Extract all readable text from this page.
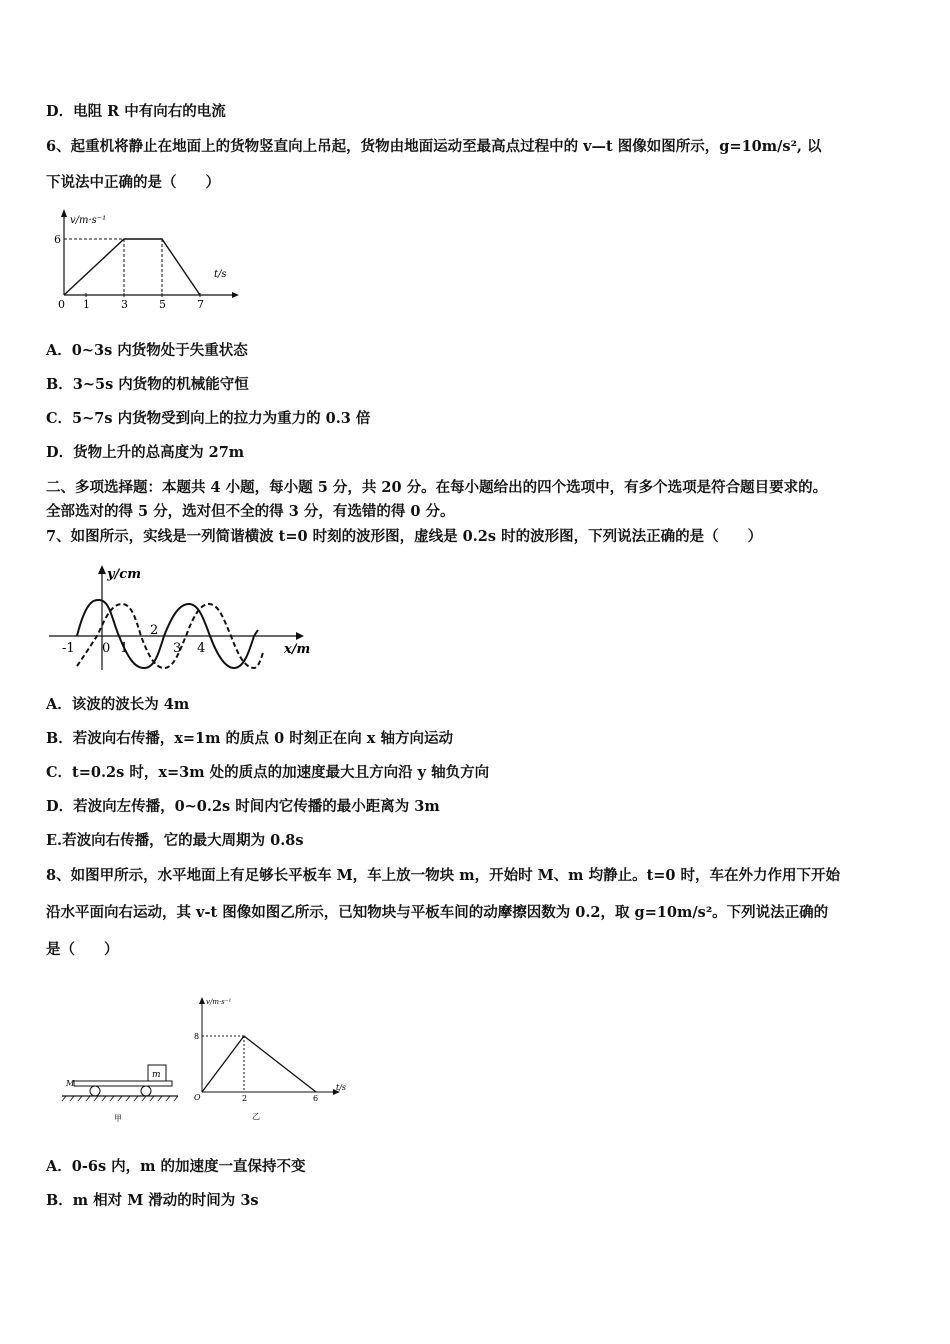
D．电阻 R 中有向右的电流
6、起重机将静止在地面上的货物竖直向上吊起，货物由地面运动至最高点过程中的 v—t 图像如图所示，g=10m/s², 以
下说法中正确的是（　　）
v/m·s⁻¹
t/s
6
0 1	3	5	7
A．0~3s 内货物处于失重状态
B．3~5s 内货物的机械能守恒
C．5~7s 内货物受到向上的拉力为重力的 0.3 倍
D．货物上升的总高度为 27m
二、多项选择题：本题共 4 小题，每小题 5 分，共 20 分。在每小题给出的四个选项中，有多个选项是符合题目要求的。
全部选对的得 5 分，选对但不全的得 3 分，有选错的得 0 分。
7、如图所示，实线是一列简谐横波 t=0 时刻的波形图，虚线是 0.2s 时的波形图，下列说法正确的是（　　）
y/cm
x/m
-1 0 1
2
3 4
A．该波的波长为 4m
B．若波向右传播，x=1m 的质点 0 时刻正在向 x 轴方向运动
C．t=0.2s 时，x=3m 处的质点的加速度最大且方向沿 y 轴负方向
D．若波向左传播，0~0.2s 时间内它传播的最小距离为 3m
E.若波向右传播，它的最大周期为 0.8s
8、如图甲所示，水平地面上有足够长平板车 M，车上放一物块 m，开始时 M、m 均静止。t=0 时，车在外力作用下开始
沿水平面向右运动，其 v-t 图像如图乙所示，已知物块与平板车间的动摩擦因数为 0.2，取 g=10m/s²。下列说法正确的
是（　　）
m
M
甲
v/m·s⁻¹
t/s
8
O	2	6
乙
A．0-6s 内，m 的加速度一直保持不变
B．m 相对 M 滑动的时间为 3s
